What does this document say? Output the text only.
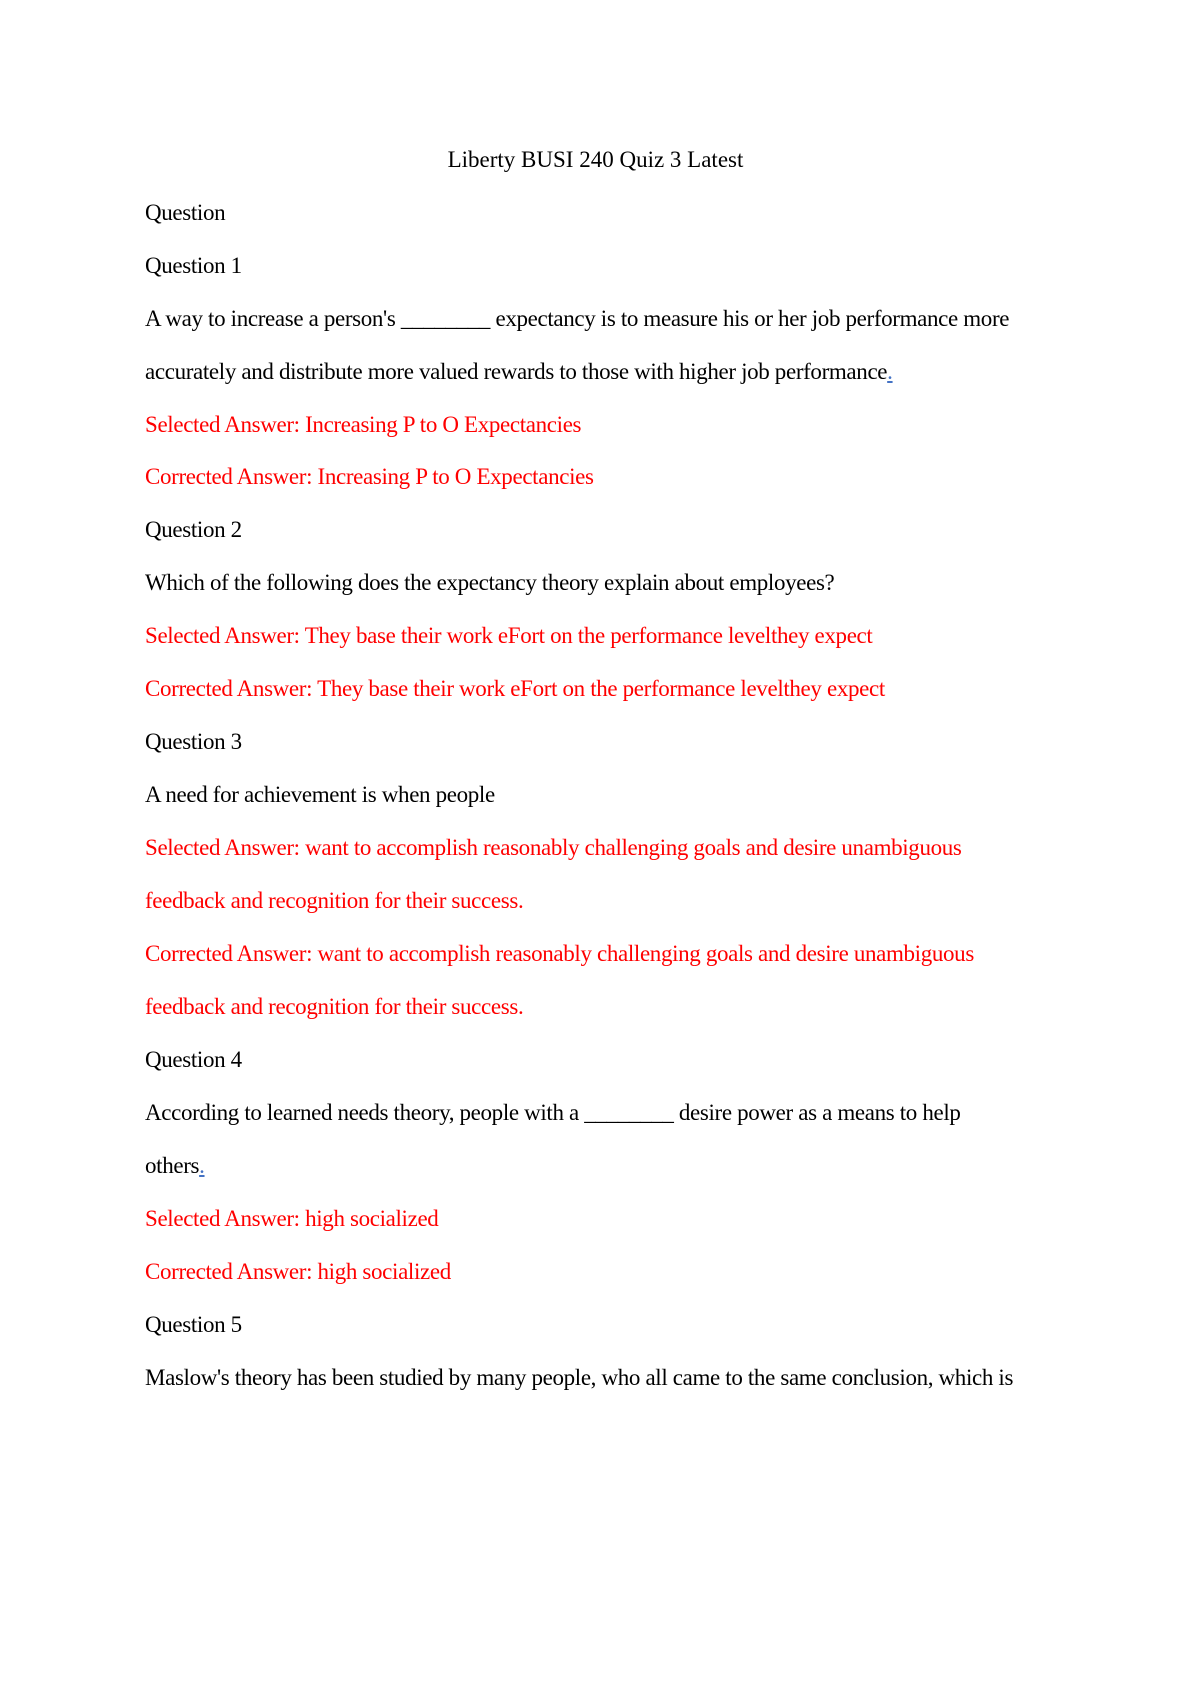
Liberty BUSI 240 Quiz 3 Latest
Question
Question 1
A way to increase a person's ________ expectancy is to measure his or her job performance more
accurately and distribute more valued rewards to those with higher job performance.
Selected Answer: Increasing P to O Expectancies
Corrected Answer: Increasing P to O Expectancies
Question 2
Which of the following does the expectancy theory explain about employees?
Selected Answer: They base their work eFort on the performance levelthey expect
Corrected Answer: They base their work eFort on the performance levelthey expect
Question 3
A need for achievement is when people
Selected Answer: want to accomplish reasonably challenging goals and desire unambiguous
feedback and recognition for their success.
Corrected Answer: want to accomplish reasonably challenging goals and desire unambiguous
feedback and recognition for their success.
Question 4
According to learned needs theory, people with a ________ desire power as a means to help
others.
Selected Answer: high socialized
Corrected Answer: high socialized
Question 5
Maslow's theory has been studied by many people, who all came to the same conclusion, which is
